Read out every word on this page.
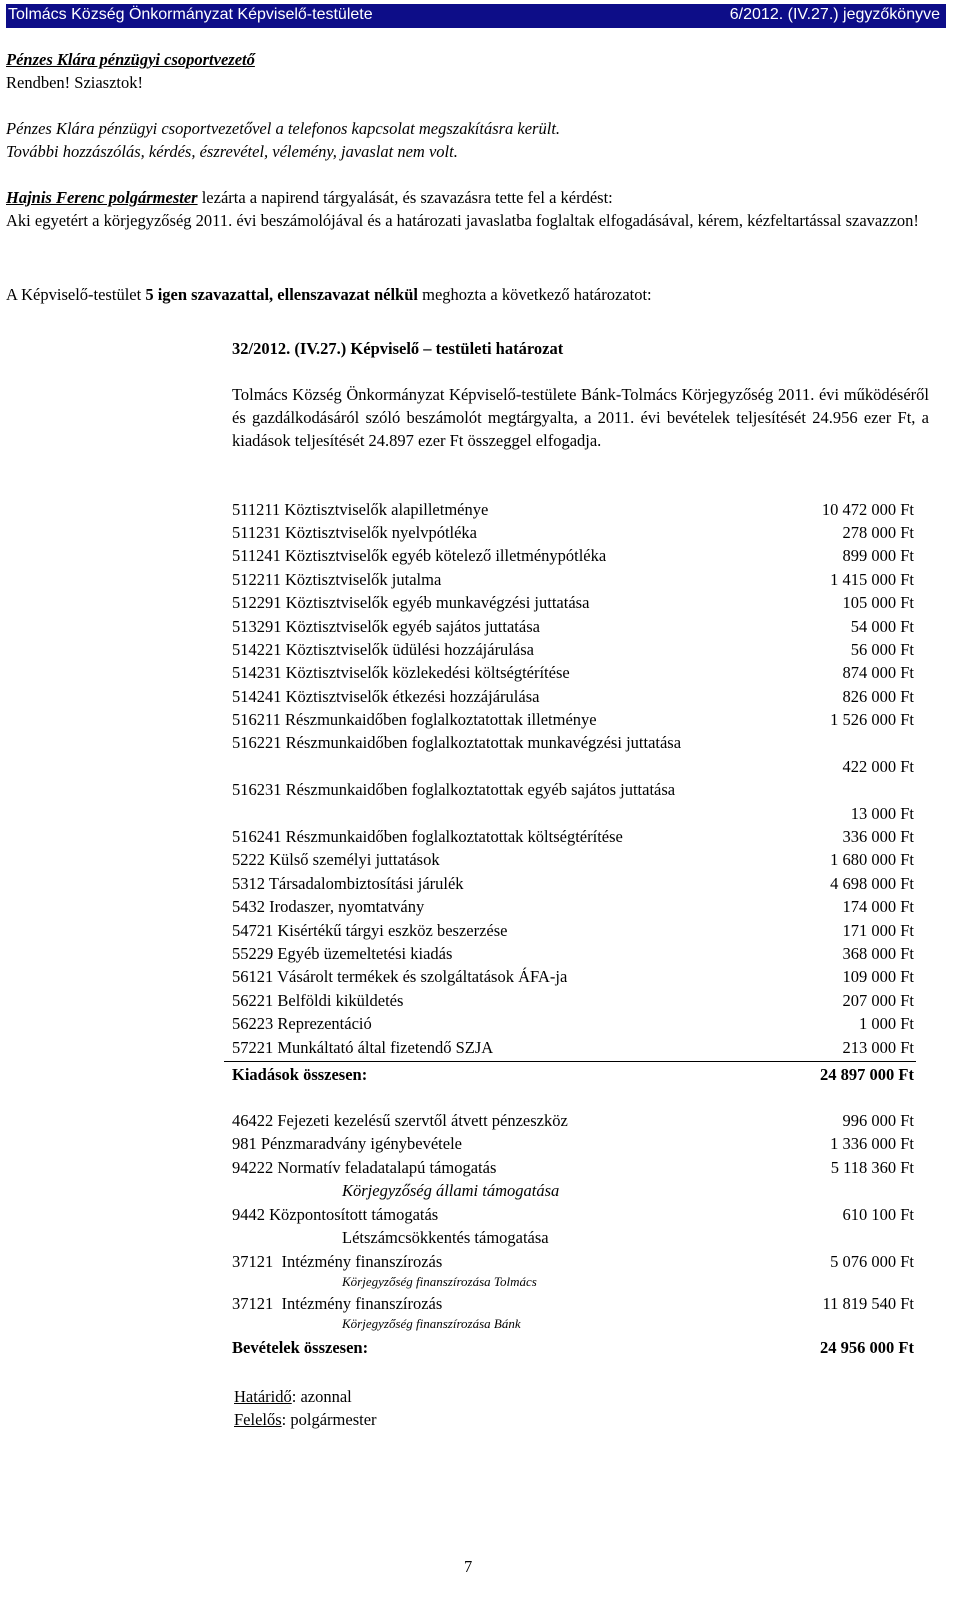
Tolmács Község Önkormányzat Képviselő-testülete	6/2012. (IV.27.) jegyzőkönyve
Pénzes Klára pénzügyi csoportvezető
Rendben! Sziasztok!
Pénzes Klára pénzügyi csoportvezetővel a telefonos kapcsolat megszakításra került.
További hozzászólás, kérdés, észrevétel, vélemény, javaslat nem volt.
Hajnis Ferenc polgármester lezárta a napirend tárgyalását, és szavazásra tette fel a kérdést:
Aki egyetért a körjegyzőség 2011. évi beszámolójával és a határozati javaslatba foglaltak elfogadásával, kérem, kézfeltartással szavazzon!
A Képviselő-testület 5 igen szavazattal, ellenszavazat nélkül meghozta a következő határozatot:
32/2012. (IV.27.) Képviselő – testületi határozat
Tolmács Község Önkormányzat Képviselő-testülete Bánk-Tolmács Körjegyzőség 2011. évi működéséről és gazdálkodásáról szóló beszámolót megtárgyalta, a 2011. évi bevételek teljesítését 24.956 ezer Ft, a kiadások teljesítését 24.897 ezer Ft összeggel elfogadja.
511211 Köztisztviselők alapilletménye	10 472 000 Ft
511231 Köztisztviselők nyelvpótléka	278 000 Ft
511241 Köztisztviselők egyéb kötelező illetménypótléka	899 000 Ft
512211 Köztisztviselők jutalma	1 415 000 Ft
512291 Köztisztviselők egyéb munkavégzési juttatása	105 000 Ft
513291 Köztisztviselők egyéb sajátos juttatása	54 000 Ft
514221 Köztisztviselők üdülési hozzájárulása	56 000 Ft
514231 Köztisztviselők közlekedési költségtérítése	874 000 Ft
514241 Köztisztviselők étkezési hozzájárulása	826 000 Ft
516211 Részmunkaidőben foglalkoztatottak illetménye	1 526 000 Ft
516221 Részmunkaidőben foglalkoztatottak munkavégzési juttatása
422 000 Ft
516231 Részmunkaidőben foglalkoztatottak egyéb sajátos juttatása
13 000 Ft
516241 Részmunkaidőben foglalkoztatottak költségtérítése	336 000 Ft
5222 Külső személyi juttatások	1 680 000 Ft
5312 Társadalombiztosítási járulék	4 698 000 Ft
5432 Irodaszer, nyomtatvány	174 000 Ft
54721 Kisértékű tárgyi eszköz beszerzése	171 000 Ft
55229 Egyéb üzemeltetési kiadás	368 000 Ft
56121 Vásárolt termékek és szolgáltatások ÁFA-ja	109 000 Ft
56221 Belföldi kiküldetés	207 000 Ft
56223 Reprezentáció	1 000 Ft
57221 Munkáltató által fizetendő SZJA	213 000 Ft
Kiadások összesen:	24 897 000 Ft
46422 Fejezeti kezelésű szervtől átvett pénzeszköz	996 000 Ft
981 Pénzmaradvány igénybevétele	1 336 000 Ft
94222 Normatív feladatalapú támogatás	5 118 360 Ft
Körjegyzőség állami támogatása
9442 Központosított támogatás	610 100 Ft
Létszámcsökkentés támogatása
37121  Intézmény finanszírozás	5 076 000 Ft
Körjegyzőség finanszírozása Tolmács
37121  Intézmény finanszírozás	11 819 540 Ft
Körjegyzőség finanszírozása Bánk
Bevételek összesen:	24 956 000 Ft
Határidő: azonnal
Felelős: polgármester
7
